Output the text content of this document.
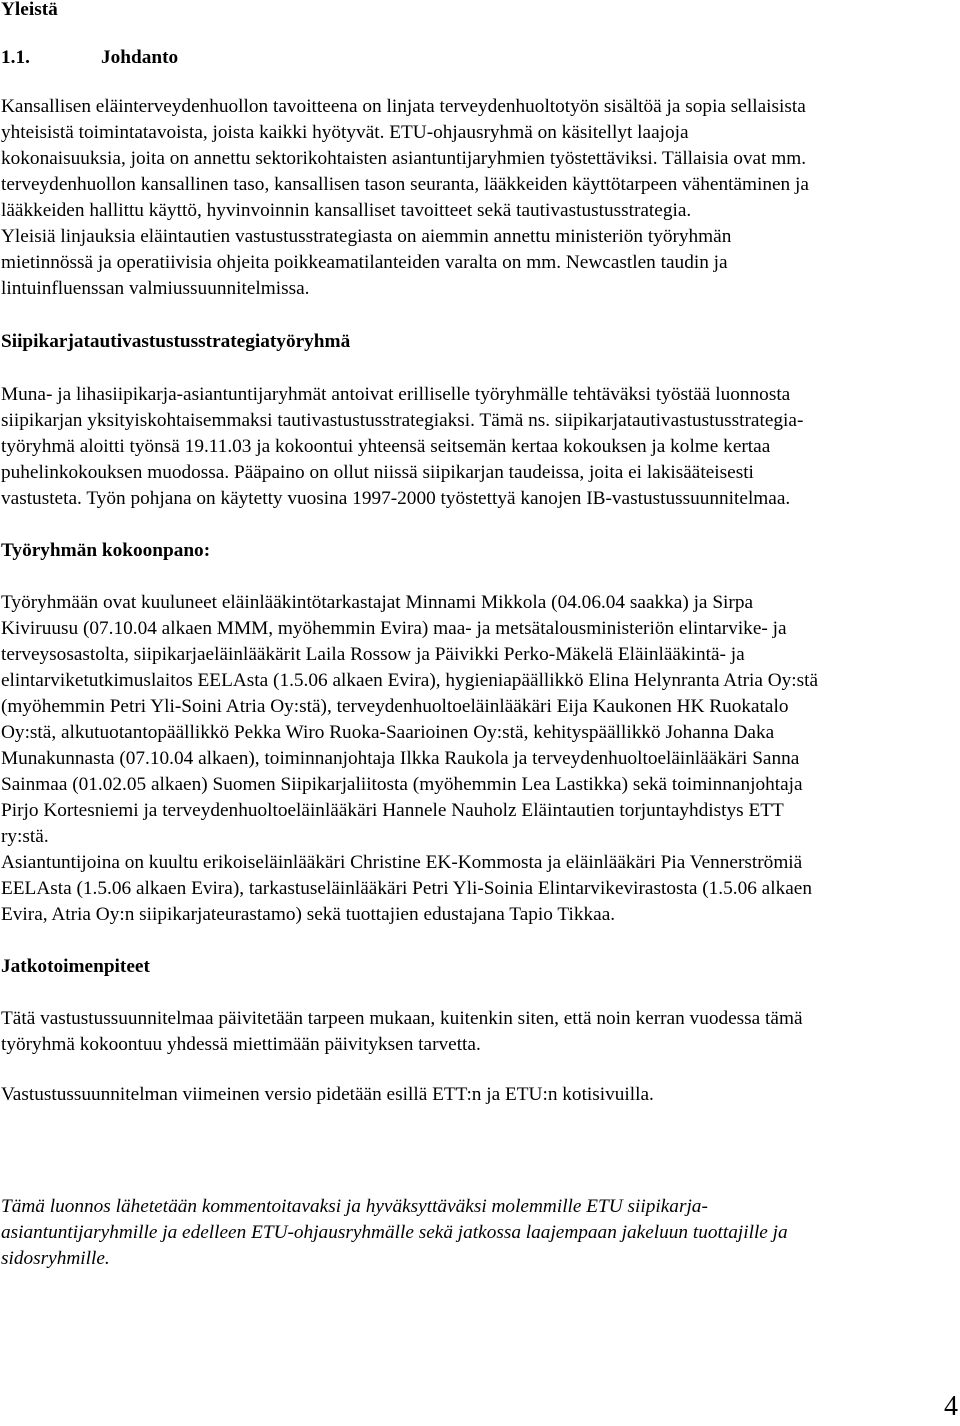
Yleistä
1.1.	Johdanto
Kansallisen eläinterveydenhuollon tavoitteena on linjata terveydenhuoltotyön sisältöä ja sopia sellaisista
yhteisistä toimintatavoista, joista kaikki hyötyvät. ETU-ohjausryhmä on käsitellyt laajoja
kokonaisuuksia, joita on annettu sektorikohtaisten asiantuntijaryhmien työstettäviksi. Tällaisia ovat mm.
terveydenhuollon kansallinen taso, kansallisen tason seuranta, lääkkeiden käyttötarpeen vähentäminen ja
lääkkeiden hallittu käyttö, hyvinvoinnin kansalliset tavoitteet sekä tautivastustusstrategia.
Yleisiä linjauksia eläintautien vastustusstrategiasta on aiemmin annettu ministeriön työryhmän
mietinnössä ja operatiivisia ohjeita poikkeamatilanteiden varalta on mm. Newcastlen taudin ja
lintuinfluenssan valmiussuunnitelmissa.
Siipikarjatautivastustusstrategiatyöryhmä
Muna- ja lihasiipikarja-asiantuntijaryhmät antoivat erilliselle työryhmälle tehtäväksi työstää luonnosta
siipikarjan yksityiskohtaisemmaksi tautivastustusstrategiaksi. Tämä ns. siipikarjatautivastustusstrategia-
työryhmä aloitti työnsä 19.11.03 ja kokoontui yhteensä seitsemän kertaa kokouksen ja kolme kertaa
puhelinkokouksen muodossa. Pääpaino on ollut niissä siipikarjan taudeissa, joita ei lakisääteisesti
vastusteta. Työn pohjana on käytetty vuosina 1997-2000 työstettyä kanojen IB-vastustussuunnitelmaa.
Työryhmän kokoonpano:
Työryhmään ovat kuuluneet eläinlääkintötarkastajat Minnami Mikkola (04.06.04 saakka) ja Sirpa
Kiviruusu (07.10.04 alkaen MMM, myöhemmin Evira) maa- ja metsätalousministeriön elintarvike- ja
terveysosastolta, siipikarjaeläinlääkärit Laila Rossow ja Päivikki Perko-Mäkelä Eläinlääkintä- ja
elintarviketutkimuslaitos EELAsta (1.5.06 alkaen Evira), hygieniapäällikkö Elina Helynranta Atria Oy:stä
(myöhemmin Petri Yli-Soini Atria Oy:stä), terveydenhuoltoeläinlääkäri Eija Kaukonen HK Ruokatalo
Oy:stä, alkutuotantopäällikkö Pekka Wiro Ruoka-Saarioinen Oy:stä, kehityspäällikkö Johanna Daka
Munakunnasta (07.10.04 alkaen), toiminnanjohtaja Ilkka Raukola ja terveydenhuoltoeläinlääkäri Sanna
Sainmaa (01.02.05 alkaen) Suomen Siipikarjaliitosta (myöhemmin Lea Lastikka) sekä toiminnanjohtaja
Pirjo Kortesniemi ja terveydenhuoltoeläinlääkäri Hannele Nauholz Eläintautien torjuntayhdistys ETT
ry:stä.
Asiantuntijoina on kuultu erikoiseläinlääkäri Christine EK-Kommosta ja eläinlääkäri Pia Vennerströmiä
EELAsta (1.5.06 alkaen Evira), tarkastuseläinlääkäri Petri Yli-Soinia Elintarvikevirastosta (1.5.06 alkaen
Evira, Atria Oy:n siipikarjateurastamo) sekä tuottajien edustajana Tapio Tikkaa.
Jatkotoimenpiteet
Tätä vastustussuunnitelmaa päivitetään tarpeen mukaan, kuitenkin siten, että noin kerran vuodessa tämä
työryhmä kokoontuu yhdessä miettimään päivityksen tarvetta.
Vastustussuunnitelman viimeinen versio pidetään esillä ETT:n ja ETU:n kotisivuilla.
Tämä luonnos lähetetään kommentoitavaksi ja hyväksyttäväksi molemmille ETU siipikarja-
asiantuntijaryhmille ja edelleen ETU-ohjausryhmälle sekä jatkossa laajempaan jakeluun tuottajille ja
sidosryhmille.
4
